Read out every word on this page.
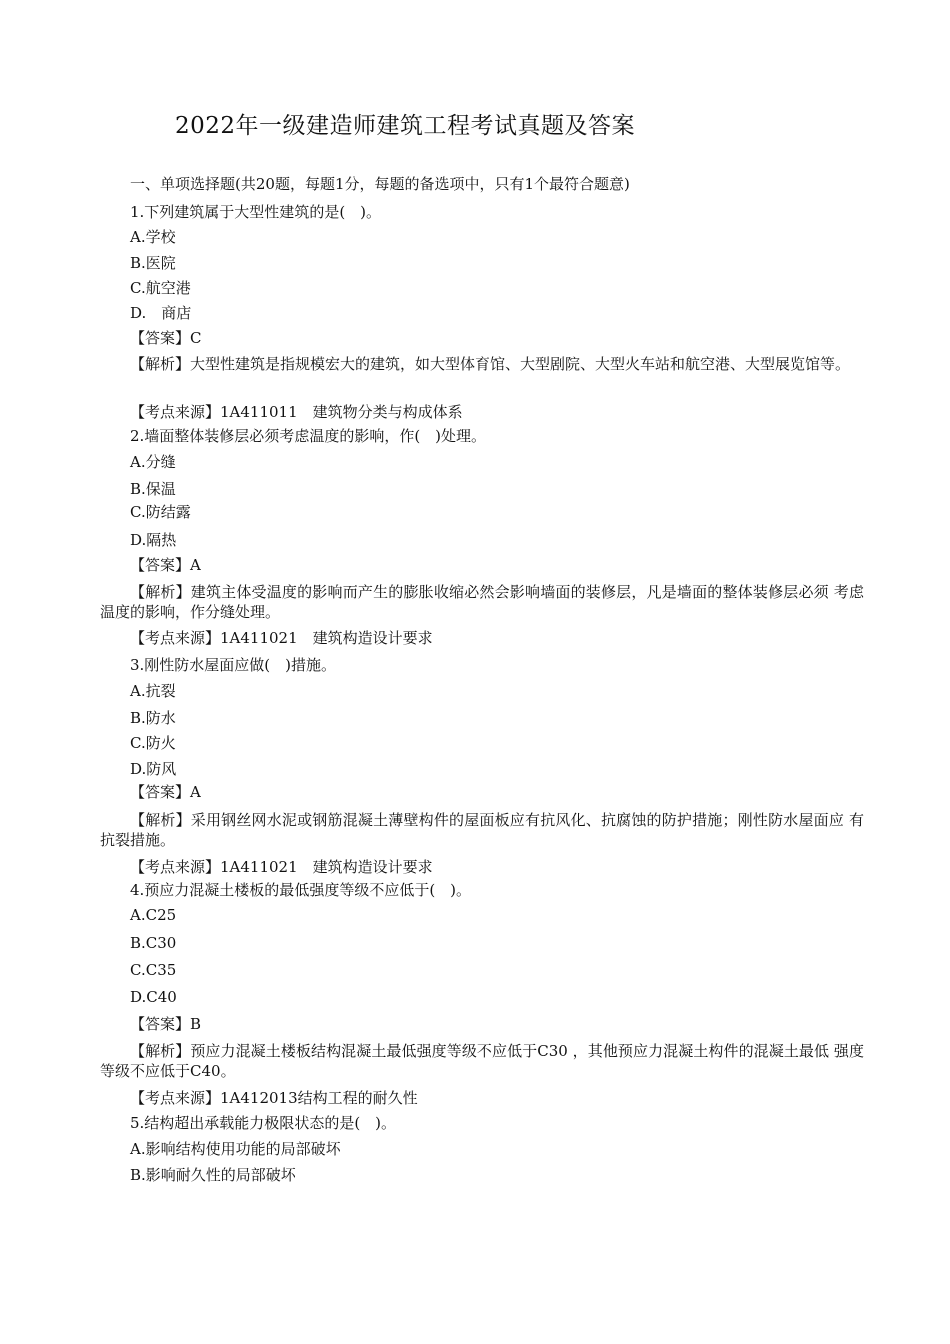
2022年一级建造师建筑工程考试真题及答案
一、单项选择题(共20题，每题1分，每题的备选项中，只有1个最符合题意)
1.下列建筑属于大型性建筑的是(　)。
A.学校
B.医院
C.航空港
D.　商店
【答案】C
【解析】大型性建筑是指规模宏大的建筑，如大型体育馆、大型剧院、大型火车站和航空港、大型展览馆等。
【考点来源】1A411011　建筑物分类与构成体系
2.墙面整体装修层必须考虑温度的影响，作(　)处理。
A.分缝
B.保温
C.防结露
D.隔热
【答案】A
【解析】建筑主体受温度的影响而产生的膨胀收缩必然会影响墙面的装修层，凡是墙面的整体装修层必须 考虑温度的影响，作分缝处理。
【考点来源】1A411021　建筑构造设计要求
3.刚性防水屋面应做(　)措施。
A.抗裂
B.防水
C.防火
D.防风
【答案】A
【解析】采用钢丝网水泥或钢筋混凝土薄壁构件的屋面板应有抗风化、抗腐蚀的防护措施；刚性防水屋面应 有抗裂措施。
【考点来源】1A411021　建筑构造设计要求
4.预应力混凝土楼板的最低强度等级不应低于(　)。
A.C25
B.C30
C.C35
D.C40
【答案】B
【解析】预应力混凝土楼板结构混凝土最低强度等级不应低于C30 ，其他预应力混凝土构件的混凝土最低 强度等级不应低于C40。
【考点来源】1A412013结构工程的耐久性
5.结构超出承载能力极限状态的是(　)。
A.影响结构使用功能的局部破坏
B.影响耐久性的局部破坏
